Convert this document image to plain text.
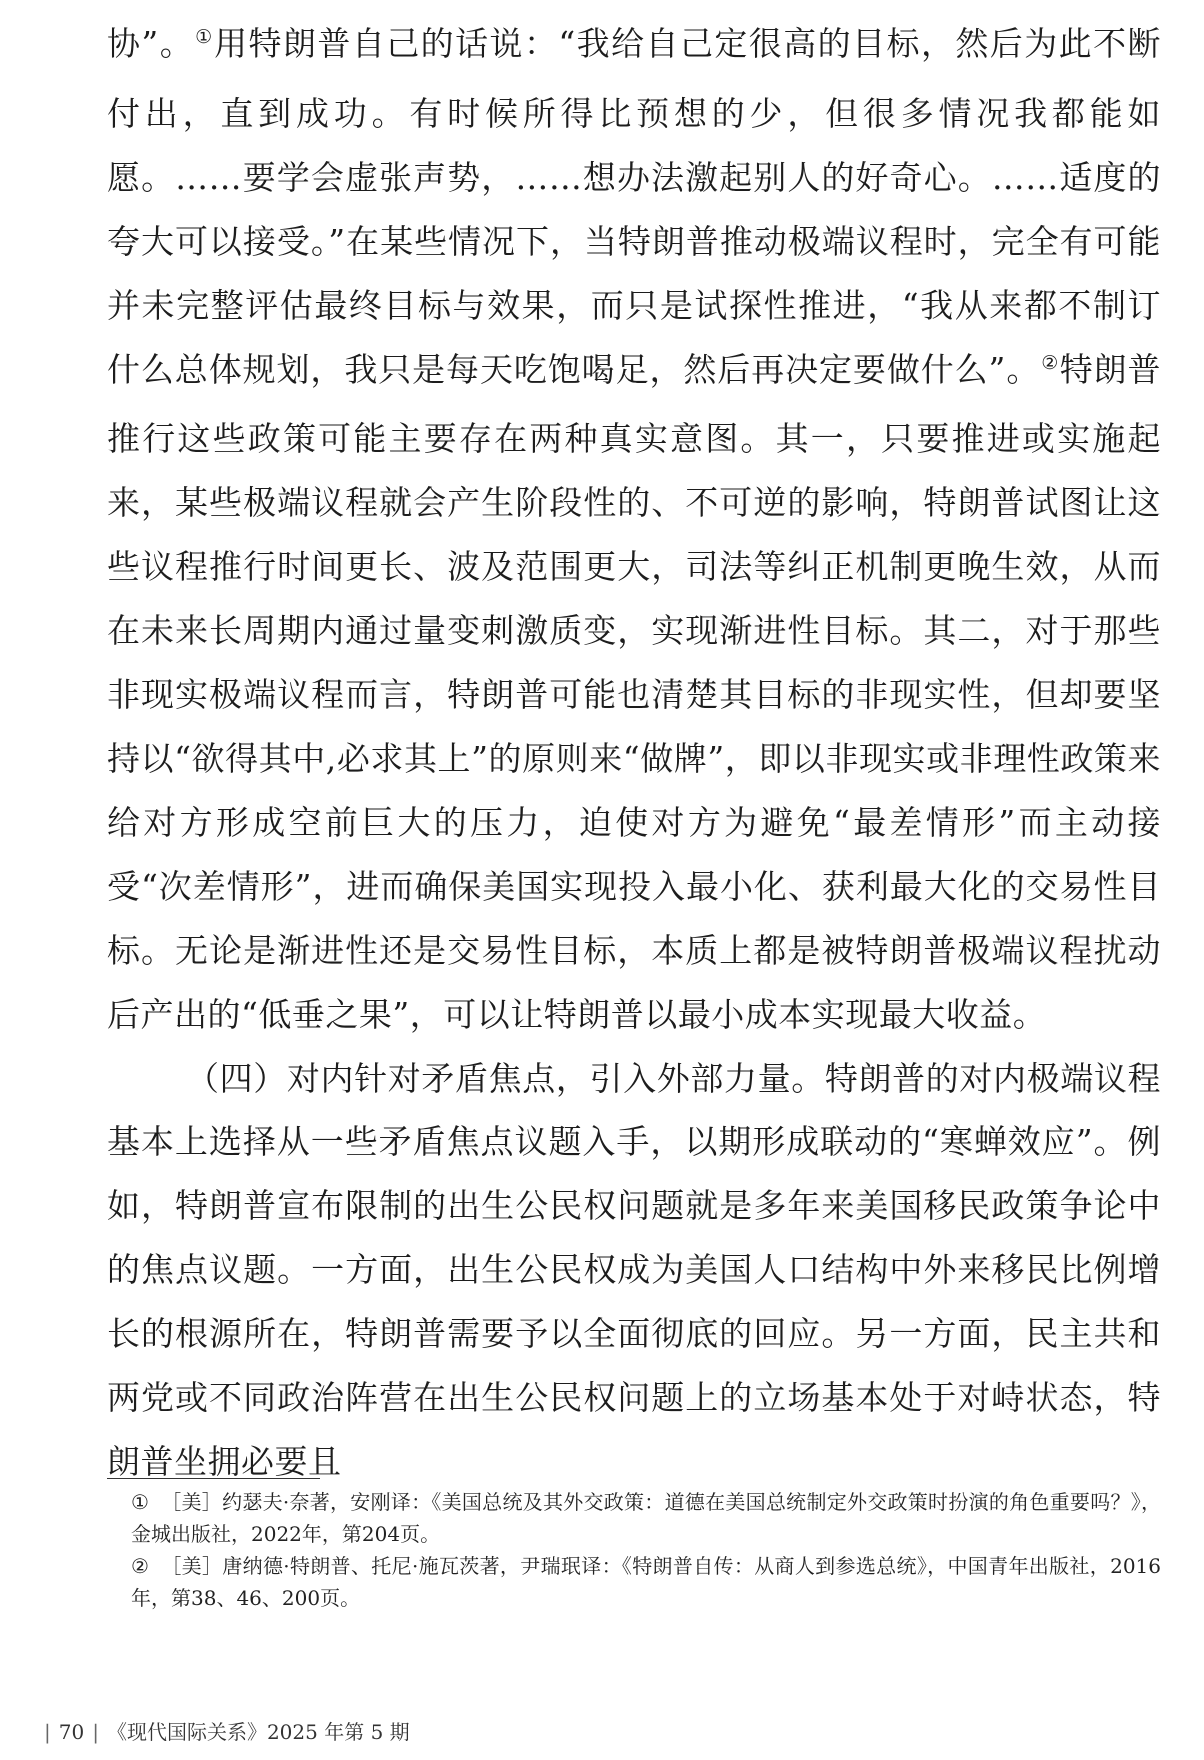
协”。①用特朗普自己的话说：“我给自己定很高的目标，然后为此不断付出，直到成功。有时候所得比预想的少，但很多情况我都能如愿。……要学会虚张声势，……想办法激起别人的好奇心。……适度的夸大可以接受。”在某些情况下，当特朗普推动极端议程时，完全有可能并未完整评估最终目标与效果，而只是试探性推进，“我从来都不制订什么总体规划，我只是每天吃饱喝足，然后再决定要做什么”。②特朗普推行这些政策可能主要存在两种真实意图。其一，只要推进或实施起来，某些极端议程就会产生阶段性的、不可逆的影响，特朗普试图让这些议程推行时间更长、波及范围更大，司法等纠正机制更晚生效，从而在未来长周期内通过量变刺激质变，实现渐进性目标。其二，对于那些非现实极端议程而言，特朗普可能也清楚其目标的非现实性，但却要坚持以“欲得其中,必求其上”的原则来“做牌”，即以非现实或非理性政策来给对方形成空前巨大的压力，迫使对方为避免“最差情形”而主动接受“次差情形”，进而确保美国实现投入最小化、获利最大化的交易性目标。无论是渐进性还是交易性目标，本质上都是被特朗普极端议程扰动后产出的“低垂之果”，可以让特朗普以最小成本实现最大收益。

（四）对内针对矛盾焦点，引入外部力量。特朗普的对内极端议程基本上选择从一些矛盾焦点议题入手，以期形成联动的“寒蝉效应”。例如，特朗普宣布限制的出生公民权问题就是多年来美国移民政策争论中的焦点议题。一方面，出生公民权成为美国人口结构中外来移民比例增长的根源所在，特朗普需要予以全面彻底的回应。另一方面，民主共和两党或不同政治阵营在出生公民权问题上的立场基本处于对峙状态，特朗普坐拥必要且

① ［美］约瑟夫·奈著，安刚译：《美国总统及其外交政策：道德在美国总统制定外交政策时扮演的角色重要吗？》，金城出版社，2022年，第204页。

② ［美］唐纳德·特朗普、托尼·施瓦茨著，尹瑞珉译：《特朗普自传：从商人到参选总统》，中国青年出版社，2016年，第38、46、200页。

| 70 | 《现代国际关系》2025 年第 5 期
